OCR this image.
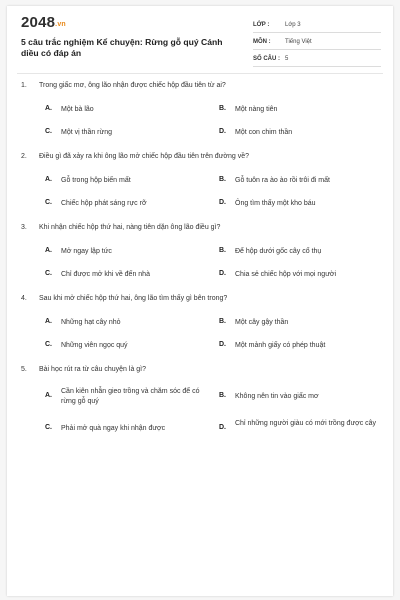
2048.vn
5 câu trắc nghiệm Kể chuyện: Rừng gỗ quý Cánh diều có đáp án
LỚP :	Lớp 3
MÔN : Tiếng Việt
SỐ CÂU : 5
1. Trong giấc mơ, ông lão nhận được chiếc hộp đầu tiên từ ai?
A. Một bà lão	B. Một nàng tiên
C. Một vị thần rừng	D. Một con chim thần
2. Điều gì đã xảy ra khi ông lão mở chiếc hộp đầu tiên trên đường về?
A. Gỗ trong hộp biến mất	B. Gỗ tuôn ra ào ào rồi trôi đi mất
C. Chiếc hộp phát sáng rực rỡ	D. Ông tìm thấy một kho báu
3. Khi nhận chiếc hộp thứ hai, nàng tiên dặn ông lão điều gì?
A. Mở ngay lập tức	B. Để hộp dưới gốc cây cổ thụ
C. Chỉ được mở khi về đến nhà	D. Chia sẻ chiếc hộp với mọi người
4. Sau khi mở chiếc hộp thứ hai, ông lão tìm thấy gì bên trong?
A. Những hạt cây nhỏ	B. Một cây gậy thần
C. Những viên ngọc quý	D. Một mảnh giấy có phép thuật
5. Bài học rút ra từ câu chuyện là gì?
A.
Cần kiên nhẫn gieo trồng và chăm sóc để có rừng gỗ quý
B. Không nên tin vào giấc mơ
C. Phải mở quà ngay khi nhận được	D.
Chỉ những người giàu có mới trồng được cây
